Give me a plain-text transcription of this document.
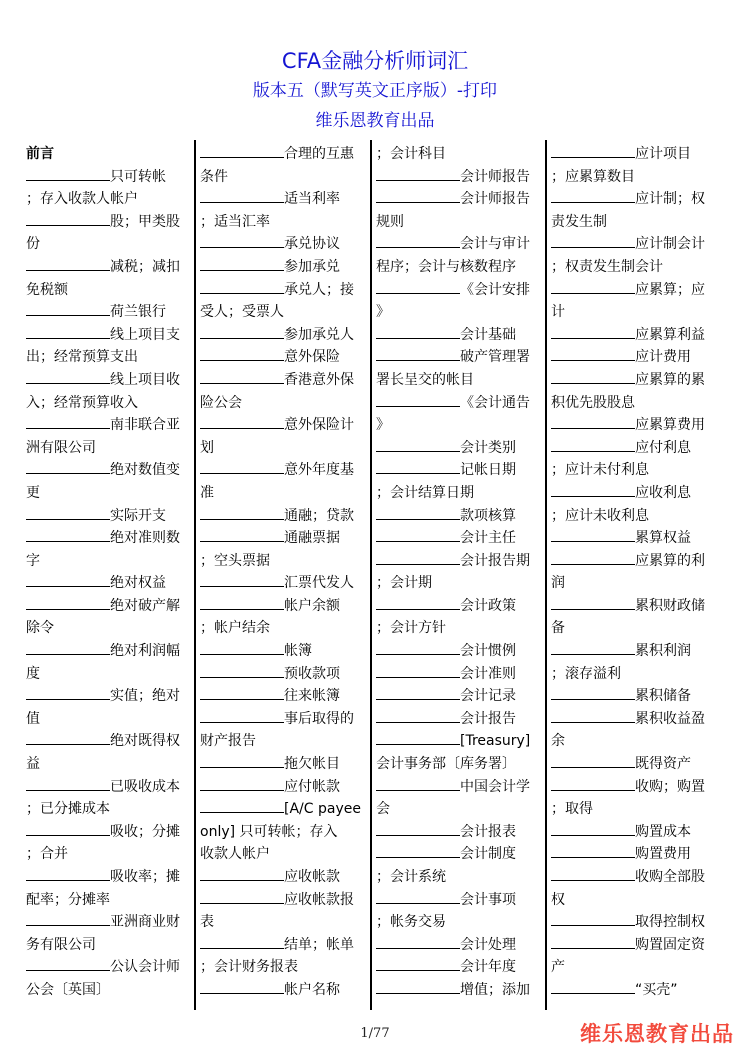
CFA金融分析师词汇
版本五（默写英文正序版）-打印
维乐恩教育出品
前言
只可转帐
；存入收款人帐户
股；甲类股
份
减税；减扣
免税额
荷兰银行
线上项目支
出；经常预算支出
线上项目收
入；经常预算收入
南非联合亚
洲有限公司
绝对数值变
更
实际开支
绝对准则数
字
绝对权益
绝对破产解
除令
绝对利润幅
度
实值；绝对
值
绝对既得权
益
已吸收成本
；已分摊成本
吸收；分摊
；合并
吸收率；摊
配率；分摊率
亚洲商业财
务有限公司
公认会计师
公会〔英国〕
合理的互惠
条件
适当利率
；适当汇率
承兑协议
参加承兑
承兑人；接
受人；受票人
参加承兑人
意外保险
香港意外保
险公会
意外保险计
划
意外年度基
准
通融；贷款
通融票据
；空头票据
汇票代发人
帐户余额
；帐户结余
帐簿
预收款项
往来帐簿
事后取得的
财产报告
拖欠帐目
应付帐款
[A/C payee
only] 只可转帐；存入
收款人帐户
应收帐款
应收帐款报
表
结单；帐单
；会计财务报表
帐户名称
；会计科目
会计师报告
会计师报告
规则
会计与审计
程序；会计与核数程序
《会计安排
》
会计基础
破产管理署
署长呈交的帐目
《会计通告
》
会计类别
记帐日期
；会计结算日期
款项核算
会计主任
会计报告期
；会计期
会计政策
；会计方针
会计惯例
会计准则
会计记录
会计报告
[Treasury]
会计事务部〔库务署〕
中国会计学
会
会计报表
会计制度
；会计系统
会计事项
；帐务交易
会计处理
会计年度
增值；添加
应计项目
；应累算数目
应计制；权
责发生制
应计制会计
；权责发生制会计
应累算；应
计
应累算利益
应计费用
应累算的累
积优先股股息
应累算费用
应付利息
；应计未付利息
应收利息
；应计未收利息
累算权益
应累算的利
润
累积财政储
备
累积利润
；滚存溢利
累积储备
累积收益盈
余
既得资产
收购；购置
；取得
购置成本
购置费用
收购全部股
权
取得控制权
购置固定资
产
“买壳”
1/77	维乐恩教育出品
